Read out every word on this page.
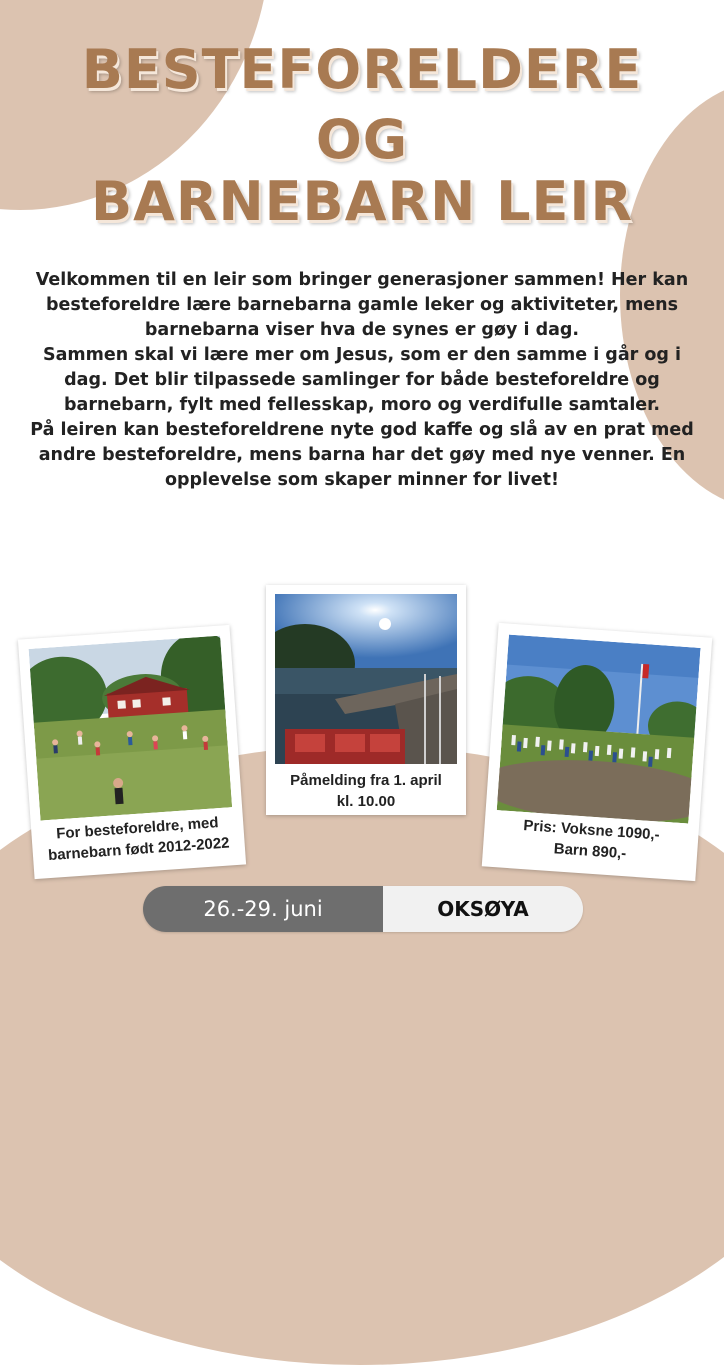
BESTEFORELDERE
OG
BARNEBARN LEIR

Velkommen til en leir som bringer generasjoner sammen! Her kan besteforeldre lære barnebarna gamle leker og aktiviteter, mens barnebarna viser hva de synes er gøy i dag.

Sammen skal vi lære mer om Jesus, som er den samme i går og i dag. Det blir tilpassede samlinger for både besteforeldre og barnebarn, fylt med fellesskap, moro og verdifulle samtaler.

På leiren kan besteforeldrene nyte god kaffe og slå av en prat med andre besteforeldre, mens barna har det gøy med nye venner. En opplevelse som skaper minner for livet!

For besteforeldre, med
barnebarn født 2012-2022
Påmelding fra 1. april
kl. 10.00
Pris: Voksne 1090,-
Barn 890,-
26.-29. juni	OKSØYA
